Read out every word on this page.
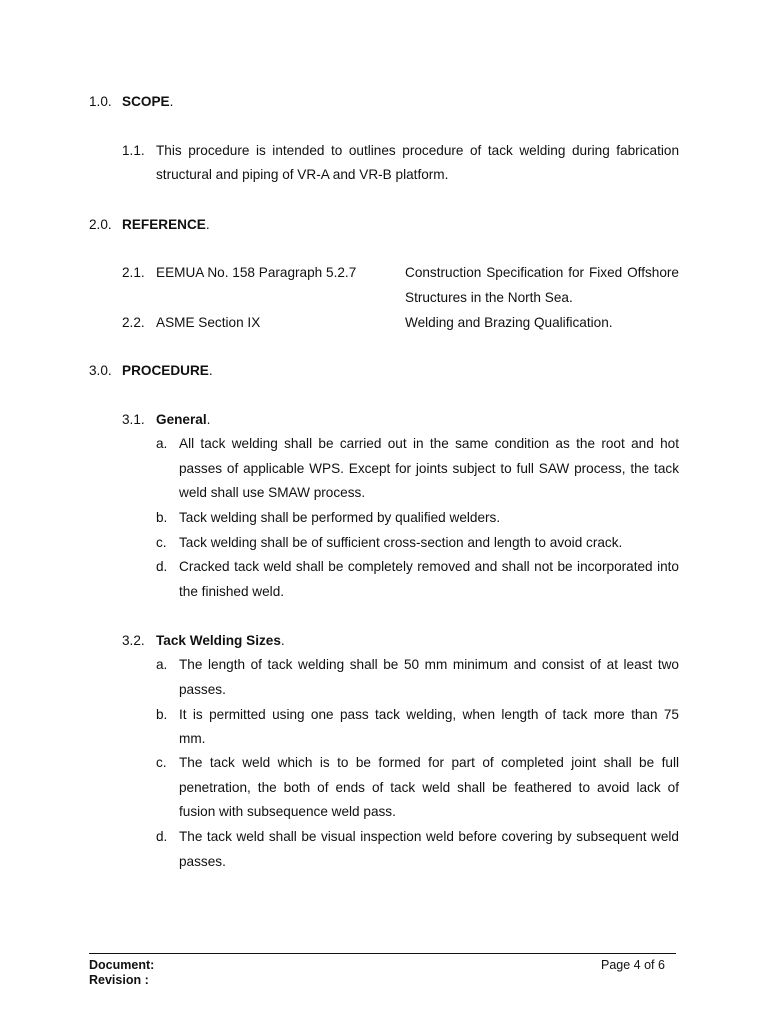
1.0. SCOPE.
1.1. This procedure is intended to outlines procedure of tack welding during fabrication
structural and piping of VR-A and VR-B platform.
2.0. REFERENCE.
2.1. EEMUA No. 158 Paragraph 5.2.7	Construction Specification for Fixed Offshore
Structures in the North Sea.
2.2. ASME Section IX	Welding and Brazing Qualification.
3.0. PROCEDURE.
3.1. General.
a. All tack welding shall be carried out in the same condition as the root and hot
passes of applicable WPS. Except for joints subject to full SAW process, the tack
weld shall use SMAW process.
b. Tack welding shall be performed by qualified welders.
c. Tack welding shall be of sufficient cross-section and length to avoid crack.
d. Cracked tack weld shall be completely removed and shall not be incorporated into
the finished weld.
3.2. Tack Welding Sizes.
a. The length of tack welding shall be 50 mm minimum and consist of at least two
passes.
b. It is permitted using one pass tack welding, when length of tack more than 75
mm.
c. The tack weld which is to be formed for part of completed joint shall be full
penetration, the both of ends of tack weld shall be feathered to avoid lack of
fusion with subsequence weld pass.
d. The tack weld shall be visual inspection weld before covering by subsequent weld
passes.
Document:
Revision :
Page 4 of 6
